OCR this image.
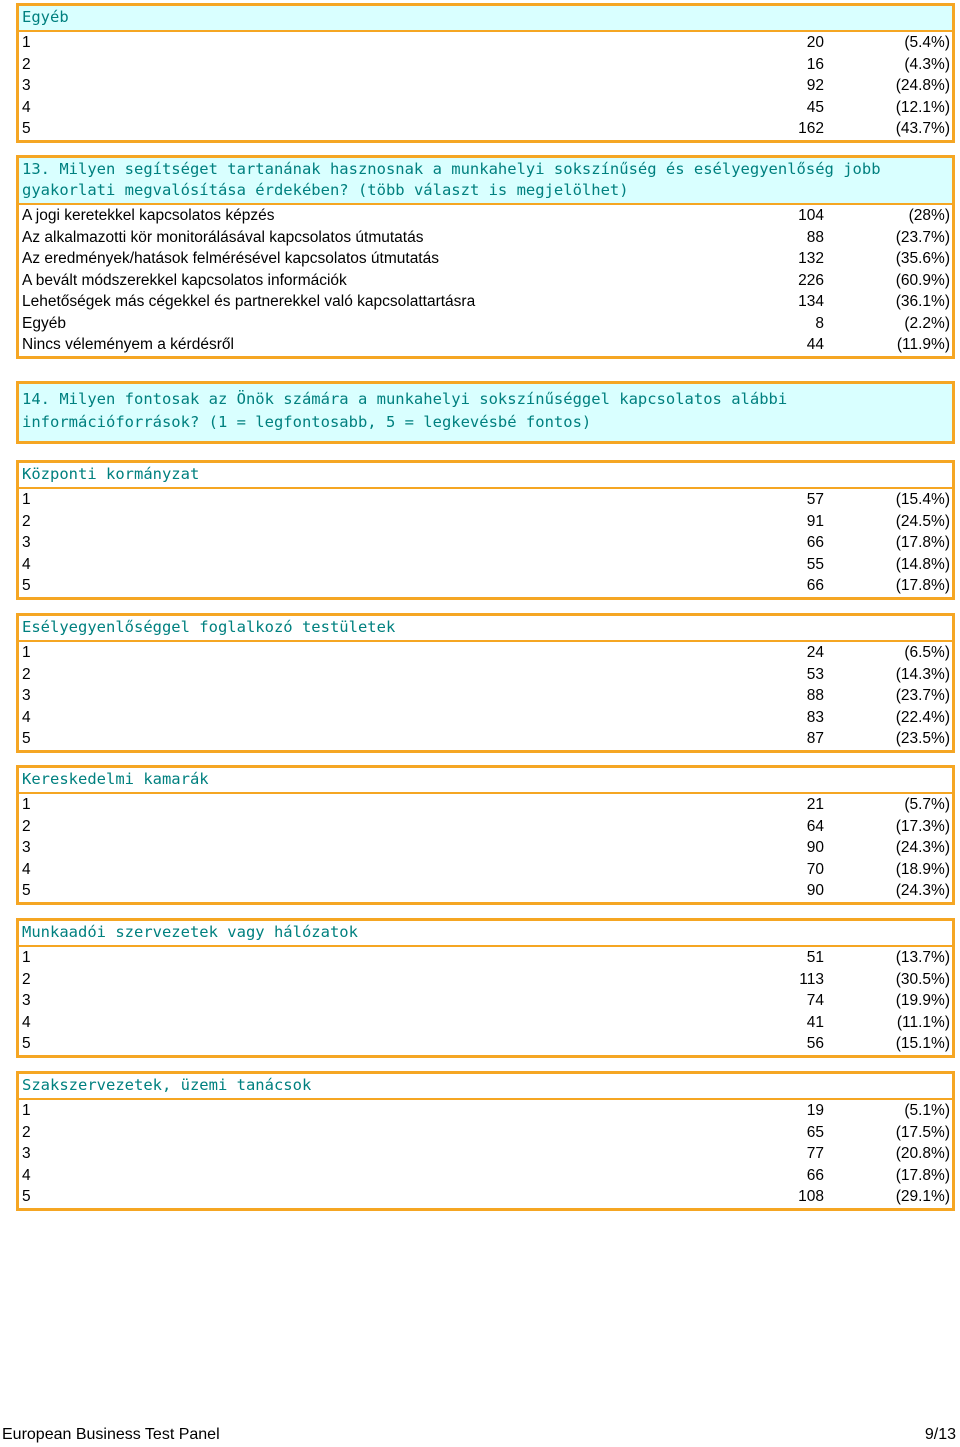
Egyéb
1	20	(5.4%)
2	16	(4.3%)
3	92	(24.8%)
4	45	(12.1%)
5	162	(43.7%)
13. Milyen segítséget tartanának hasznosnak a munkahelyi sokszínűség és esélyegyenlőség jobb gyakorlati megvalósítása érdekében? (több választ is megjelölhet)
A jogi keretekkel kapcsolatos képzés	104	(28%)
Az alkalmazotti kör monitorálásával kapcsolatos útmutatás	88	(23.7%)
Az eredmények/hatások felmérésével kapcsolatos útmutatás	132	(35.6%)
A bevált módszerekkel kapcsolatos információk	226	(60.9%)
Lehetőségek más cégekkel és partnerekkel való kapcsolattartásra	134	(36.1%)
Egyéb	8	(2.2%)
Nincs véleményem a kérdésről	44	(11.9%)
14. Milyen fontosak az Önök számára a munkahelyi sokszínűséggel kapcsolatos alábbi információforrások? (1 = legfontosabb, 5 = legkevésbé fontos)
Központi kormányzat
1	57	(15.4%)
2	91	(24.5%)
3	66	(17.8%)
4	55	(14.8%)
5	66	(17.8%)
Esélyegyenlőséggel foglalkozó testületek
1	24	(6.5%)
2	53	(14.3%)
3	88	(23.7%)
4	83	(22.4%)
5	87	(23.5%)
Kereskedelmi kamarák
1	21	(5.7%)
2	64	(17.3%)
3	90	(24.3%)
4	70	(18.9%)
5	90	(24.3%)
Munkaadói szervezetek vagy hálózatok
1	51	(13.7%)
2	113	(30.5%)
3	74	(19.9%)
4	41	(11.1%)
5	56	(15.1%)
Szakszervezetek, üzemi tanácsok
1	19	(5.1%)
2	65	(17.5%)
3	77	(20.8%)
4	66	(17.8%)
5	108	(29.1%)
European Business Test Panel	9/13
